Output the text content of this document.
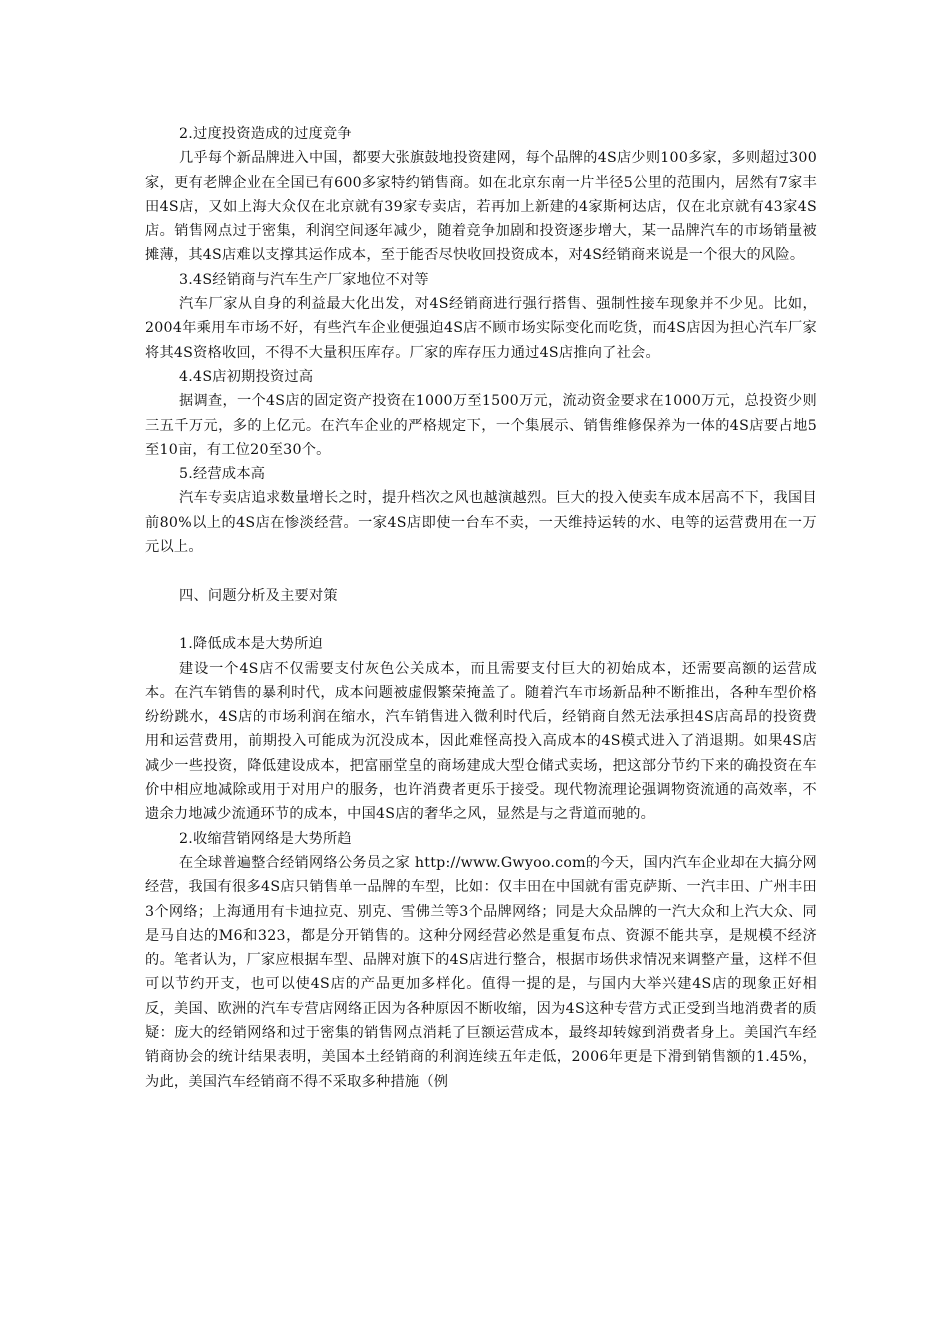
2.过度投资造成的过度竞争

几乎每个新品牌进入中国，都要大张旗鼓地投资建网，每个品牌的4S店少则100多家，多则超过300家，更有老牌企业在全国已有600多家特约销售商。如在北京东南一片半径5公里的范围内，居然有7家丰田4S店，又如上海大众仅在北京就有39家专卖店，若再加上新建的4家斯柯达店，仅在北京就有43家4S店。销售网点过于密集，利润空间逐年减少，随着竞争加剧和投资逐步增大，某一品牌汽车的市场销量被摊薄，其4S店难以支撑其运作成本，至于能否尽快收回投资成本，对4S经销商来说是一个很大的风险。

3.4S经销商与汽车生产厂家地位不对等

汽车厂家从自身的利益最大化出发，对4S经销商进行强行搭售、强制性接车现象并不少见。比如，2004年乘用车市场不好，有些汽车企业便强迫4S店不顾市场实际变化而吃货，而4S店因为担心汽车厂家将其4S资格收回，不得不大量积压库存。厂家的库存压力通过4S店推向了社会。

4.4S店初期投资过高

据调查，一个4S店的固定资产投资在1000万至1500万元，流动资金要求在1000万元，总投资少则三五千万元，多的上亿元。在汽车企业的严格规定下，一个集展示、销售维修保养为一体的4S店要占地5至10亩，有工位20至30个。

5.经营成本高

汽车专卖店追求数量增长之时，提升档次之风也越演越烈。巨大的投入使卖车成本居高不下，我国目前80%以上的4S店在惨淡经营。一家4S店即使一台车不卖，一天维持运转的水、电等的运营费用在一万元以上。

四、问题分析及主要对策

1.降低成本是大势所迫

建设一个4S店不仅需要支付灰色公关成本，而且需要支付巨大的初始成本，还需要高额的运营成本。在汽车销售的暴利时代，成本问题被虚假繁荣掩盖了。随着汽车市场新品种不断推出，各种车型价格纷纷跳水，4S店的市场利润在缩水，汽车销售进入微利时代后，经销商自然无法承担4S店高昂的投资费用和运营费用，前期投入可能成为沉没成本，因此难怪高投入高成本的4S模式进入了消退期。如果4S店减少一些投资，降低建设成本，把富丽堂皇的商场建成大型仓储式卖场，把这部分节约下来的确投资在车价中相应地减除或用于对用户的服务，也许消费者更乐于接受。现代物流理论强调物资流通的高效率，不遗余力地减少流通环节的成本，中国4S店的奢华之风，显然是与之背道而驰的。

2.收缩营销网络是大势所趋

在全球普遍整合经销网络公务员之家 http://www.Gwyoo.com的今天，国内汽车企业却在大搞分网经营，我国有很多4S店只销售单一品牌的车型，比如：仅丰田在中国就有雷克萨斯、一汽丰田、广州丰田3个网络；上海通用有卡迪拉克、别克、雪佛兰等3个品牌网络；同是大众品牌的一汽大众和上汽大众、同是马自达的M6和323，都是分开销售的。这种分网经营必然是重复布点、资源不能共享，是规模不经济的。笔者认为，厂家应根据车型、品牌对旗下的4S店进行整合，根据市场供求情况来调整产量，这样不但可以节约开支，也可以使4S店的产品更加多样化。值得一提的是，与国内大举兴建4S店的现象正好相反，美国、欧洲的汽车专营店网络正因为各种原因不断收缩，因为4S这种专营方式正受到当地消费者的质疑：庞大的经销网络和过于密集的销售网点消耗了巨额运营成本，最终却转嫁到消费者身上。美国汽车经销商协会的统计结果表明，美国本土经销商的利润连续五年走低，2006年更是下滑到销售额的1.45%，为此，美国汽车经销商不得不采取多种措施（例
